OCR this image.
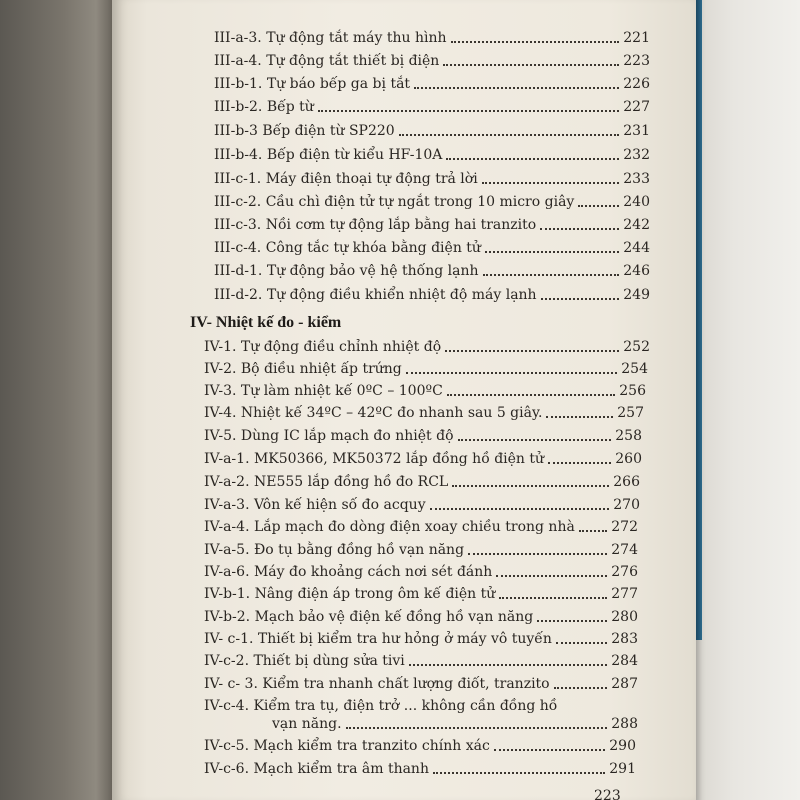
III-a-3. Tự động tắt máy thu hình	221
III-a-4. Tự động tắt thiết bị điện	223
III-b-1. Tự báo bếp ga bị tắt	226
III-b-2. Bếp từ	227
III-b-3 Bếp điện từ SP220	231
III-b-4. Bếp điện từ kiểu HF-10A	232
III-c-1. Máy điện thoại tự động trả lời	233
III-c-2. Cầu chì điện tử tự ngắt trong 10 micro giây	240
III-c-3. Nồi cơm tự động lắp bằng hai tranzito	242
III-c-4. Công tắc tự khóa bằng điện tử	244
III-d-1. Tự động bảo vệ hệ thống lạnh	246
III-d-2. Tự động điều khiển nhiệt độ máy lạnh	249
IV- Nhiệt kế đo - kiểm
IV-1. Tự động điều chỉnh nhiệt độ	252
IV-2. Bộ điều nhiệt ấp trứng	254
IV-3. Tự làm nhiệt kế 0ºC – 100ºC	256
IV-4. Nhiệt kế 34ºC – 42ºC đo nhanh sau 5 giây.	257
IV-5. Dùng IC lắp mạch đo nhiệt độ	258
IV-a-1. MK50366, MK50372 lắp đồng hồ điện tử	260
IV-a-2. NE555 lắp đồng hồ đo RCL	266
IV-a-3. Vôn kế hiện số đo acquy	270
IV-a-4. Lắp mạch đo dòng điện xoay chiều trong nhà	272
IV-a-5. Đo tụ bằng đồng hồ vạn năng	274
IV-a-6. Máy đo khoảng cách nơi sét đánh	276
IV-b-1. Nâng điện áp trong ôm kế điện tử	277
IV-b-2. Mạch bảo vệ điện kế đồng hồ vạn năng	280
IV- c-1. Thiết bị kiểm tra hư hỏng ở máy vô tuyến	283
IV-c-2. Thiết bị dùng sửa tivi	284
IV- c- 3. Kiểm tra nhanh chất lượng điốt, tranzito	287
IV-c-4. Kiểm tra tụ, điện trở ... không cần đồng hồ
vạn năng.	288
IV-c-5. Mạch kiểm tra tranzito chính xác	290
IV-c-6. Mạch kiểm tra âm thanh	291
223
